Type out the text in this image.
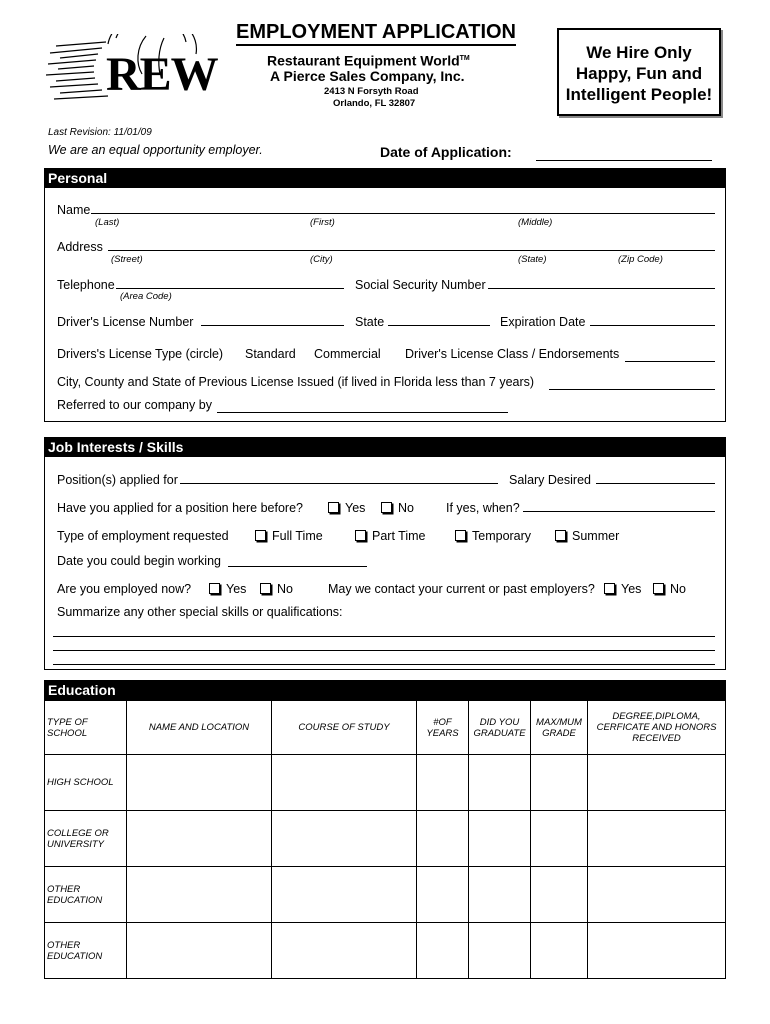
REW
EMPLOYMENT APPLICATION
Restaurant Equipment World™
A Pierce Sales Company, Inc.
2413 N Forsyth Road
Orlando, FL 32807
We Hire Only
Happy, Fun and
Intelligent People!
Last Revision: 11/01/09
We are an equal opportunity employer.	Date of Application:
Personal
Name
(Last)	(First)	(Middle)
Address
(Street)	(City)	(State)	(Zip Code)
Telephone
(Area Code)
Social Security Number
Driver's License Number	State	Expiration Date
Drivers's License Type (circle) Standard Commercial Driver's License Class / Endorsements
City, County and State of Previous License Issued (if lived in Florida less than 7 years)
Referred to our company by
Job Interests / Skills
Position(s) applied for	Salary Desired
Have you applied for a position here before?	Yes	No	If yes, when?
Type of employment requested	Full Time	Part Time	Temporary	Summer
Date you could begin working
Are you employed now?	Yes	No	May we contact your current or past employers?	Yes	No
Summarize any other special skills or qualifications:
Education
TYPE OF SCHOOL	NAME AND LOCATION	COURSE OF STUDY	#OF YEARS	DID YOU GRADUATE	MAX/MUM GRADE	DEGREE,DIPLOMA, CERFICATE AND HONORS RECEIVED
HIGH SCHOOL						
COLLEGE OR UNIVERSITY						
OTHER EDUCATION						
OTHER EDUCATION						
